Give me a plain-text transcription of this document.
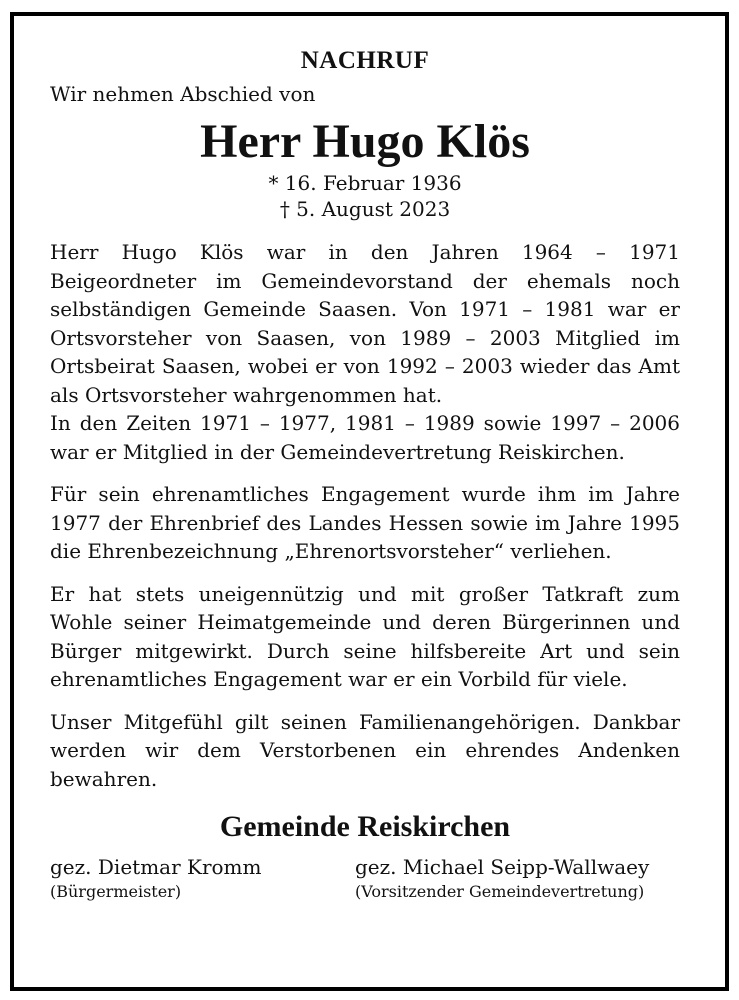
NACHRUF

Wir nehmen Abschied von

Herr Hugo Klös

* 16. Februar 1936

† 5. August 2023

Herr Hugo Klös war in den Jahren 1964 – 1971 Beigeordneter im Gemeindevorstand der ehemals noch selbständigen Gemeinde Saasen. Von 1971 – 1981 war er Ortsvorsteher von Saasen, von 1989 – 2003 Mitglied im Ortsbeirat Saasen, wobei er von 1992 – 2003 wieder das Amt als Ortsvorsteher wahrgenommen hat.

In den Zeiten 1971 – 1977, 1981 – 1989 sowie 1997 – 2006 war er Mitglied in der Gemeindevertretung Reiskirchen.

Für sein ehrenamtliches Engagement wurde ihm im Jahre 1977 der Ehrenbrief des Landes Hessen sowie im Jahre 1995 die Ehrenbezeichnung „Ehrenortsvorsteher“ verliehen.

Er hat stets uneigennützig und mit großer Tatkraft zum Wohle seiner Heimatgemeinde und deren Bürgerinnen und Bürger mitgewirkt. Durch seine hilfsbereite Art und sein ehrenamtliches Engagement war er ein Vorbild für viele.

Unser Mitgefühl gilt seinen Familienangehörigen. Dankbar werden wir dem Verstorbenen ein ehrendes Andenken bewahren.

Gemeinde Reiskirchen
gez. Dietmar Kromm
(Bürgermeister)
gez. Michael Seipp-Wallwaey
(Vorsitzender Gemeindevertretung)
